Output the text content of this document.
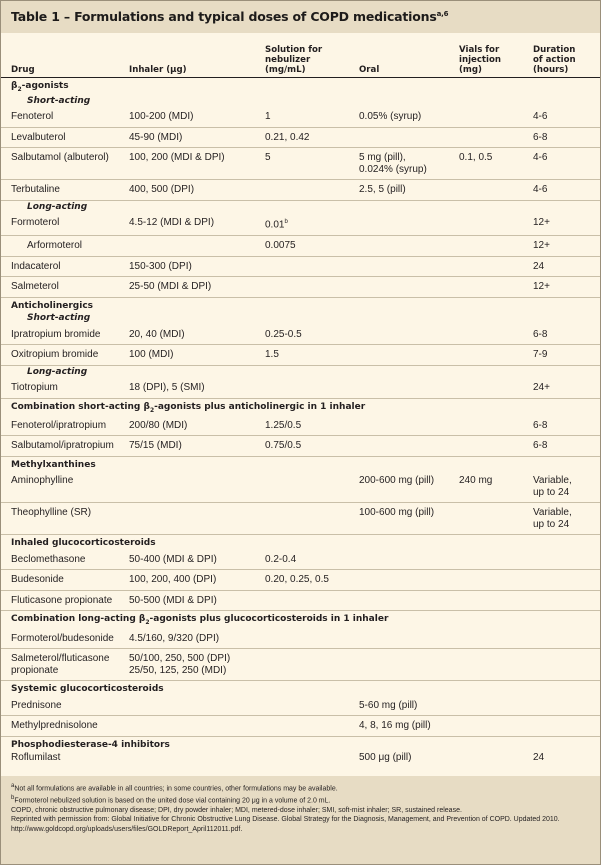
Table 1 – Formulations and typical doses of COPD medications$^{a,6}$
Drug	Inhaler (μg)	Solution for
nebulizer
(mg/mL)	Oral	Vials for
injection
(mg)	Duration
of action
(hours)
$\beta_2$-agonists					
Short-acting					
Fenoterol	100-200 (MDI)	1	0.05% (syrup)		4-6
Levalbuterol	45-90 (MDI)	0.21, 0.42			6-8
Salbutamol (albuterol)	100, 200 (MDI & DPI)	5	5 mg (pill),
0.024% (syrup)	0.1, 0.5	4-6
Terbutaline	400, 500 (DPI)		2.5, 5 (pill)		4-6
Long-acting					
Formoterol	4.5-12 (MDI & DPI)	0.01$^b$			12+
Arformoterol		0.0075			12+
Indacaterol	150-300 (DPI)				24
Salmeterol	25-50 (MDI & DPI)				12+
Anticholinergics					
Short-acting					
Ipratropium bromide	20, 40 (MDI)	0.25-0.5			6-8
Oxitropium bromide	100 (MDI)	1.5			7-9
Long-acting					
Tiotropium	18 (DPI), 5 (SMI)				24+
Combination short-acting $\beta_2$-agonists plus anticholinergic in 1 inhaler					
Fenoterol/ipratropium	200/80 (MDI)	1.25/0.5			6-8
Salbutamol/ipratropium	75/15 (MDI)	0.75/0.5			6-8
Methylxanthines					
Aminophylline			200-600 mg (pill)	240 mg	Variable,
up to 24
Theophylline (SR)			100-600 mg (pill)		Variable,
up to 24
Inhaled glucocorticosteroids					
Beclomethasone	50-400 (MDI & DPI)	0.2-0.4			
Budesonide	100, 200, 400 (DPI)	0.20, 0.25, 0.5			
Fluticasone propionate	50-500 (MDI & DPI)				
Combination long-acting $\beta_2$-agonists plus glucocorticosteroids in 1 inhaler					
Formoterol/budesonide	4.5/160, 9/320 (DPI)				
Salmeterol/fluticasone
propionate	50/100, 250, 500 (DPI)
25/50, 125, 250 (MDI)				
Systemic glucocorticosteroids					
Prednisone			5-60 mg (pill)		
Methylprednisolone			4, 8, 16 mg (pill)		
Phosphodiesterase-4 inhibitors					
Roflumilast			500 μg (pill)		24
$^a$Not all formulations are available in all countries; in some countries, other formulations may be available.
$^b$Formoterol nebulized solution is based on the united dose vial containing 20 μg in a volume of 2.0 mL.
COPD, chronic obstructive pulmonary disease; DPI, dry powder inhaler; MDI, metered-dose inhaler; SMI, soft-mist inhaler; SR, sustained release.
Reprinted with permission from: Global Initiative for Chronic Obstructive Lung Disease. Global Strategy for the Diagnosis, Management, and Prevention of COPD. Updated 2010. http://www.goldcopd.org/uploads/users/files/GOLDReport_April112011.pdf.
